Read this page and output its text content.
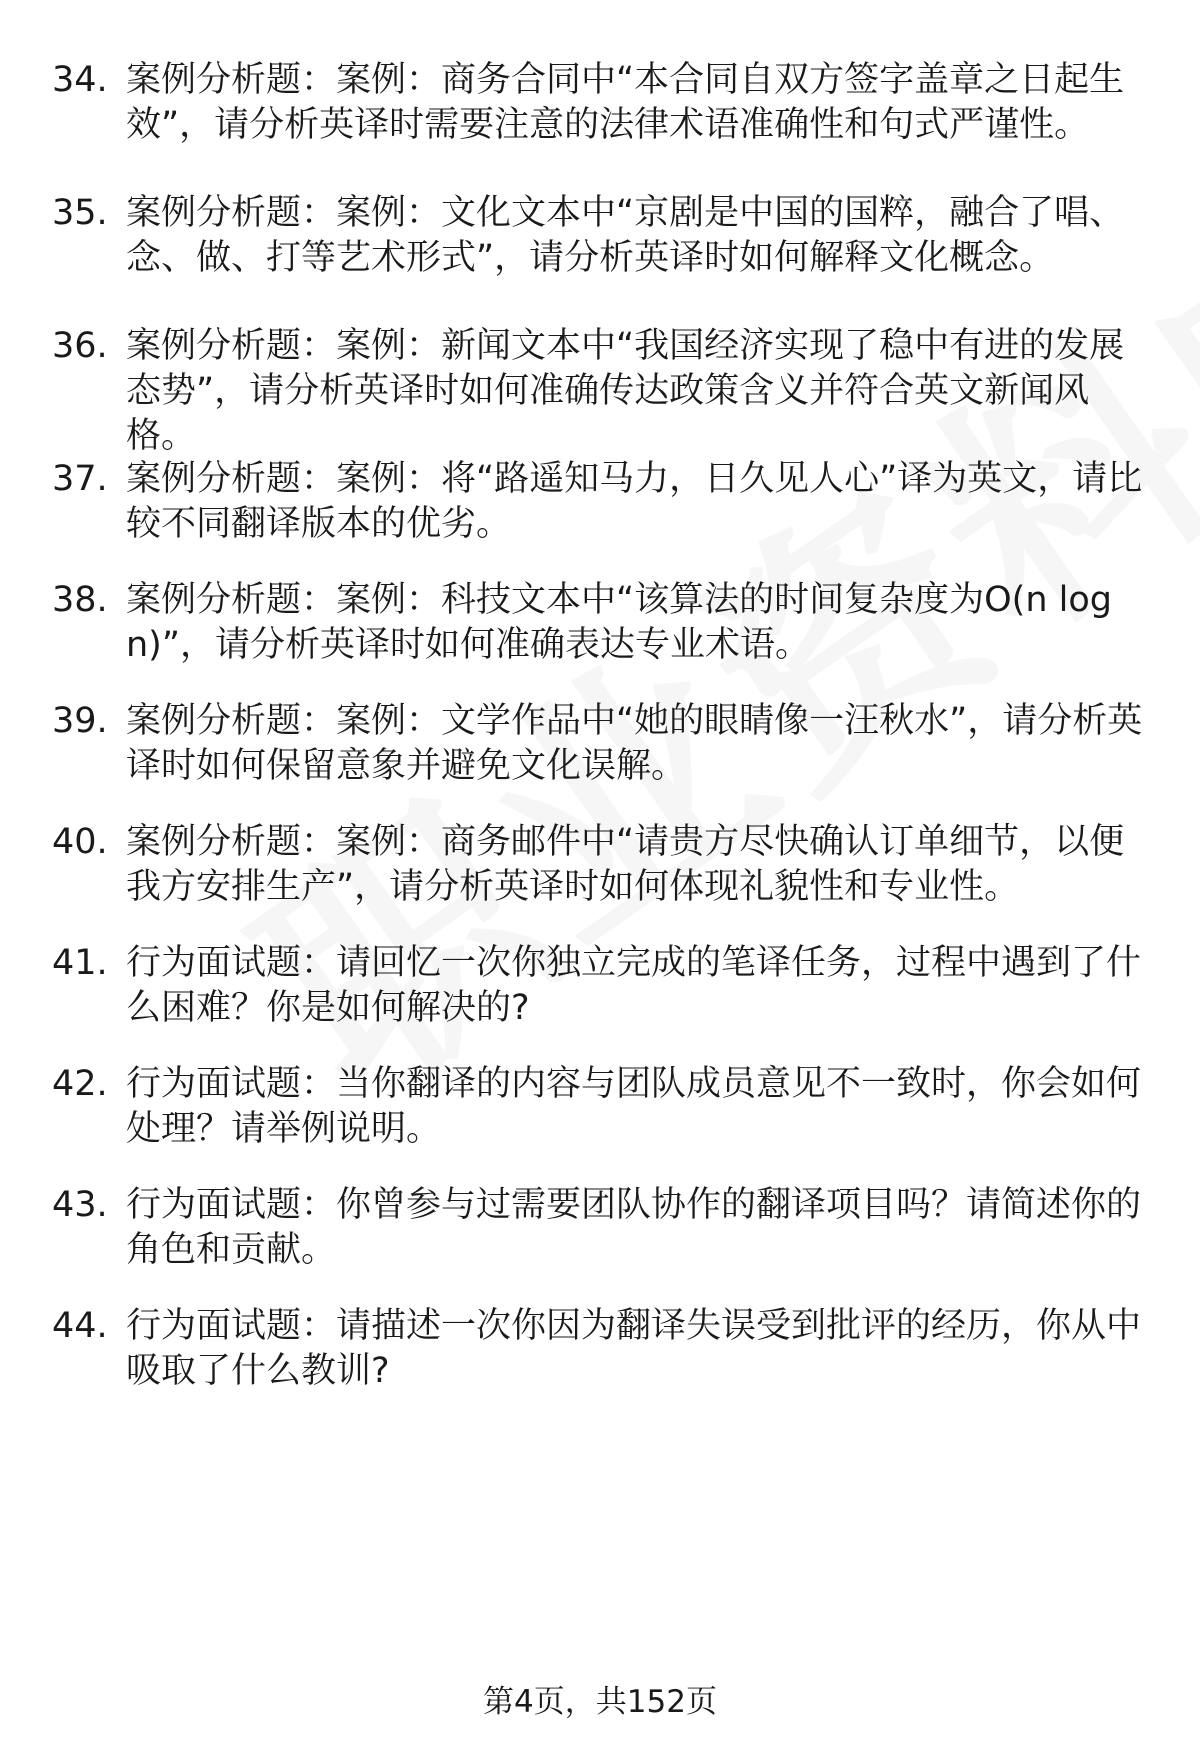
34. 案例分析题：案例：商务合同中“本合同自双方签字盖章之日起生效”，请分析英译时需要注意的法律术语准确性和句式严谨性。
35. 案例分析题：案例：文化文本中“京剧是中国的国粹，融合了唱、念、做、打等艺术形式”，请分析英译时如何解释文化概念。
36. 案例分析题：案例：新闻文本中“我国经济实现了稳中有进的发展态势”，请分析英译时如何准确传达政策含义并符合英文新闻风格。
37. 案例分析题：案例：将“路遥知马力，日久见人心”译为英文，请比较不同翻译版本的优劣。
38. 案例分析题：案例：科技文本中“该算法的时间复杂度为O(n log n)”，请分析英译时如何准确表达专业术语。
39. 案例分析题：案例：文学作品中“她的眼睛像一汪秋水”，请分析英译时如何保留意象并避免文化误解。
40. 案例分析题：案例：商务邮件中“请贵方尽快确认订单细节，以便我方安排生产”，请分析英译时如何体现礼貌性和专业性。
41. 行为面试题：请回忆一次你独立完成的笔译任务，过程中遇到了什么困难？你是如何解决的?
42. 行为面试题：当你翻译的内容与团队成员意见不一致时，你会如何处理？请举例说明。
43. 行为面试题：你曾参与过需要团队协作的翻译项目吗？请简述你的角色和贡献。
44. 行为面试题：请描述一次你因为翻译失误受到批评的经历，你从中吸取了什么教训?
第4页，共152页
